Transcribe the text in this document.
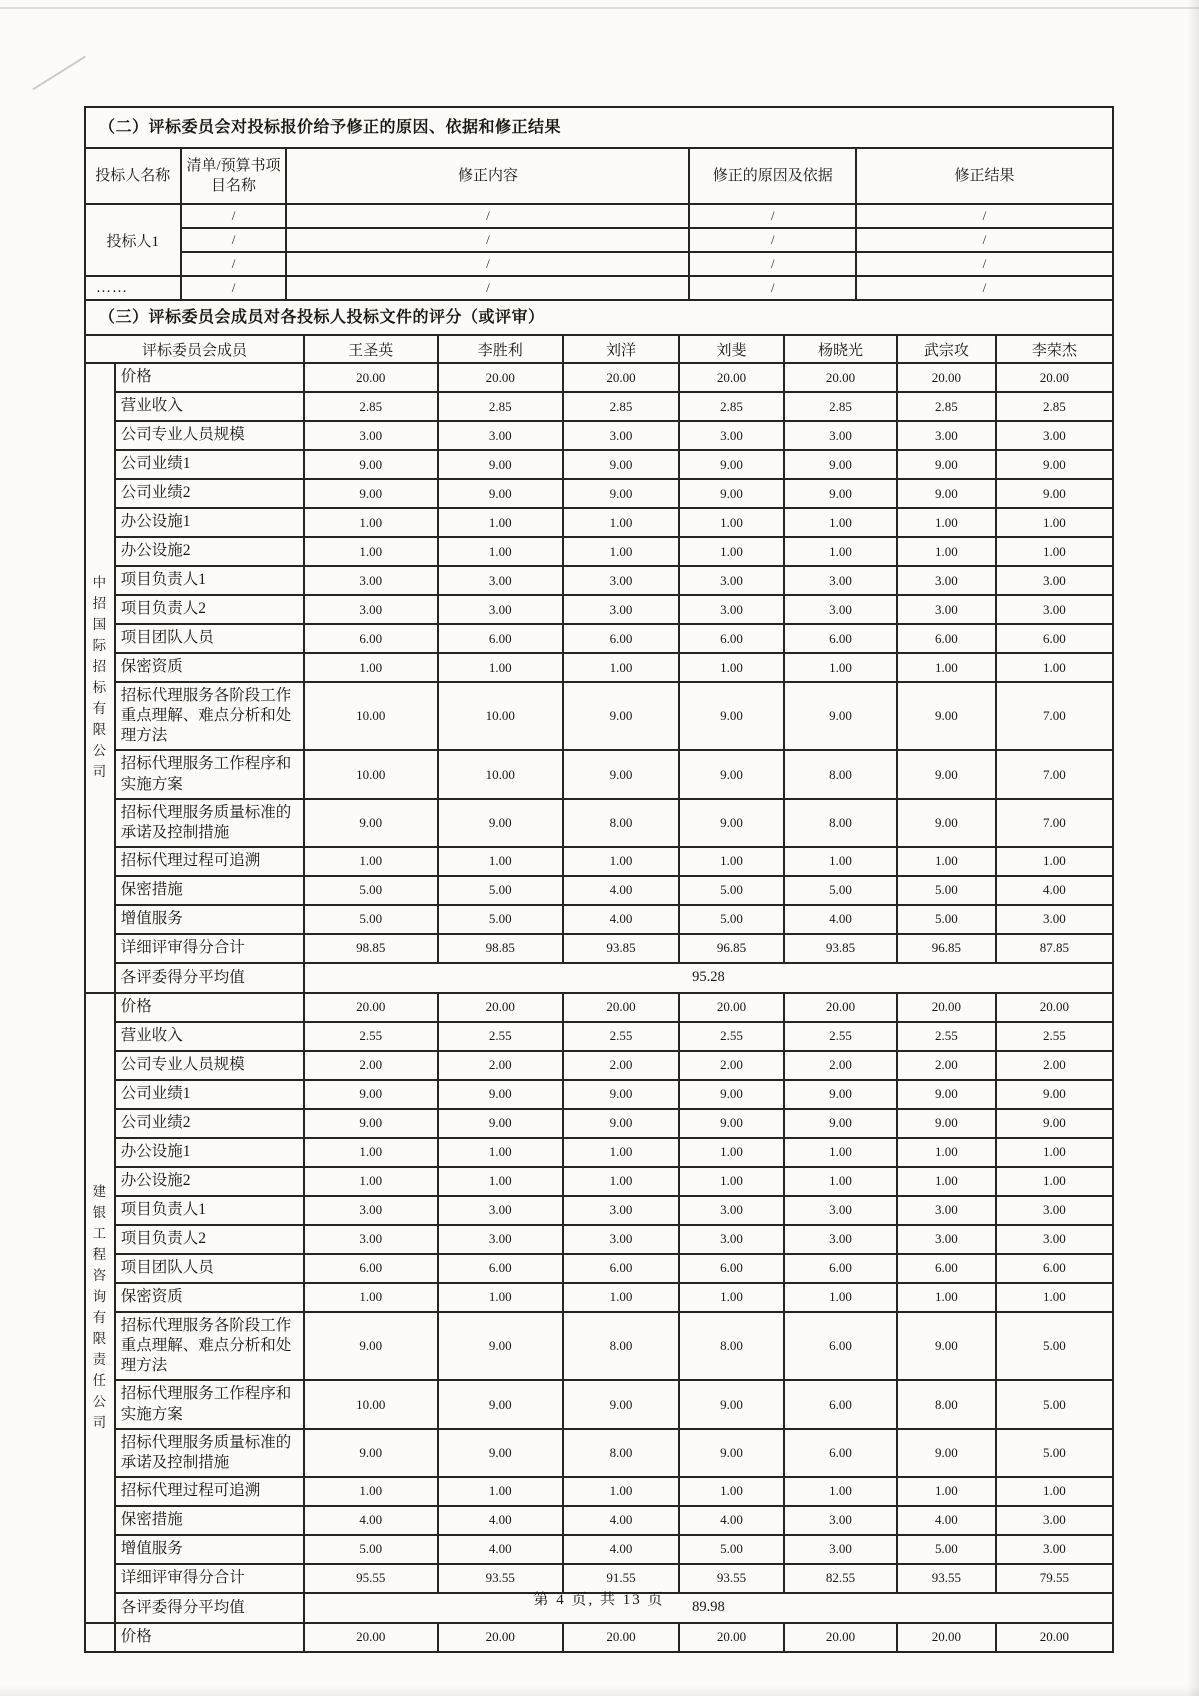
（二）评标委员会对投标报价给予修正的原因、依据和修正结果
投标人名称	清单/预算书项目名称	修正内容	修正的原因及依据	修正结果
投标人1	/	/	/	/
	/	/	/	/
	/	/	/	/
……	/	/	/	/
（三）评标委员会成员对各投标人投标文件的评分（或评审）
评标委员会成员		王圣英	李胜利	刘洋	刘斐	杨晓光	武宗攻	李荣杰
中招国际招标有限公司	价格	20.00	20.00	20.00	20.00	20.00	20.00	20.00
	营业收入	2.85	2.85	2.85	2.85	2.85	2.85	2.85
	公司专业人员规模	3.00	3.00	3.00	3.00	3.00	3.00	3.00
	公司业绩1	9.00	9.00	9.00	9.00	9.00	9.00	9.00
	公司业绩2	9.00	9.00	9.00	9.00	9.00	9.00	9.00
	办公设施1	1.00	1.00	1.00	1.00	1.00	1.00	1.00
	办公设施2	1.00	1.00	1.00	1.00	1.00	1.00	1.00
	项目负责人1	3.00	3.00	3.00	3.00	3.00	3.00	3.00
	项目负责人2	3.00	3.00	3.00	3.00	3.00	3.00	3.00
	项目团队人员	6.00	6.00	6.00	6.00	6.00	6.00	6.00
	保密资质	1.00	1.00	1.00	1.00	1.00	1.00	1.00
	招标代理服务各阶段工作重点理解、难点分析和处理方法	10.00	10.00	9.00	9.00	9.00	9.00	7.00
	招标代理服务工作程序和实施方案	10.00	10.00	9.00	9.00	8.00	9.00	7.00
	招标代理服务质量标准的承诺及控制措施	9.00	9.00	8.00	9.00	8.00	9.00	7.00
	招标代理过程可追溯	1.00	1.00	1.00	1.00	1.00	1.00	1.00
	保密措施	5.00	5.00	4.00	5.00	5.00	5.00	4.00
	增值服务	5.00	5.00	4.00	5.00	4.00	5.00	3.00
	详细评审得分合计	98.85	98.85	93.85	96.85	93.85	96.85	87.85
	各评委得分平均值	95.28						
建银工程咨询有限责任公司	价格	20.00	20.00	20.00	20.00	20.00	20.00	20.00
	营业收入	2.55	2.55	2.55	2.55	2.55	2.55	2.55
	公司专业人员规模	2.00	2.00	2.00	2.00	2.00	2.00	2.00
	公司业绩1	9.00	9.00	9.00	9.00	9.00	9.00	9.00
	公司业绩2	9.00	9.00	9.00	9.00	9.00	9.00	9.00
	办公设施1	1.00	1.00	1.00	1.00	1.00	1.00	1.00
	办公设施2	1.00	1.00	1.00	1.00	1.00	1.00	1.00
	项目负责人1	3.00	3.00	3.00	3.00	3.00	3.00	3.00
	项目负责人2	3.00	3.00	3.00	3.00	3.00	3.00	3.00
	项目团队人员	6.00	6.00	6.00	6.00	6.00	6.00	6.00
	保密资质	1.00	1.00	1.00	1.00	1.00	1.00	1.00
	招标代理服务各阶段工作重点理解、难点分析和处理方法	9.00	9.00	8.00	8.00	6.00	9.00	5.00
	招标代理服务工作程序和实施方案	10.00	9.00	9.00	9.00	6.00	8.00	5.00
	招标代理服务质量标准的承诺及控制措施	9.00	9.00	8.00	9.00	6.00	9.00	5.00
	招标代理过程可追溯	1.00	1.00	1.00	1.00	1.00	1.00	1.00
	保密措施	4.00	4.00	4.00	4.00	3.00	4.00	3.00
	增值服务	5.00	4.00	4.00	5.00	3.00	5.00	3.00
	详细评审得分合计	95.55	93.55	91.55	93.55	82.55	93.55	79.55
	各评委得分平均值	89.98						
	价格	20.00	20.00	20.00	20.00	20.00	20.00	20.00
第 4 页, 共 13 页
